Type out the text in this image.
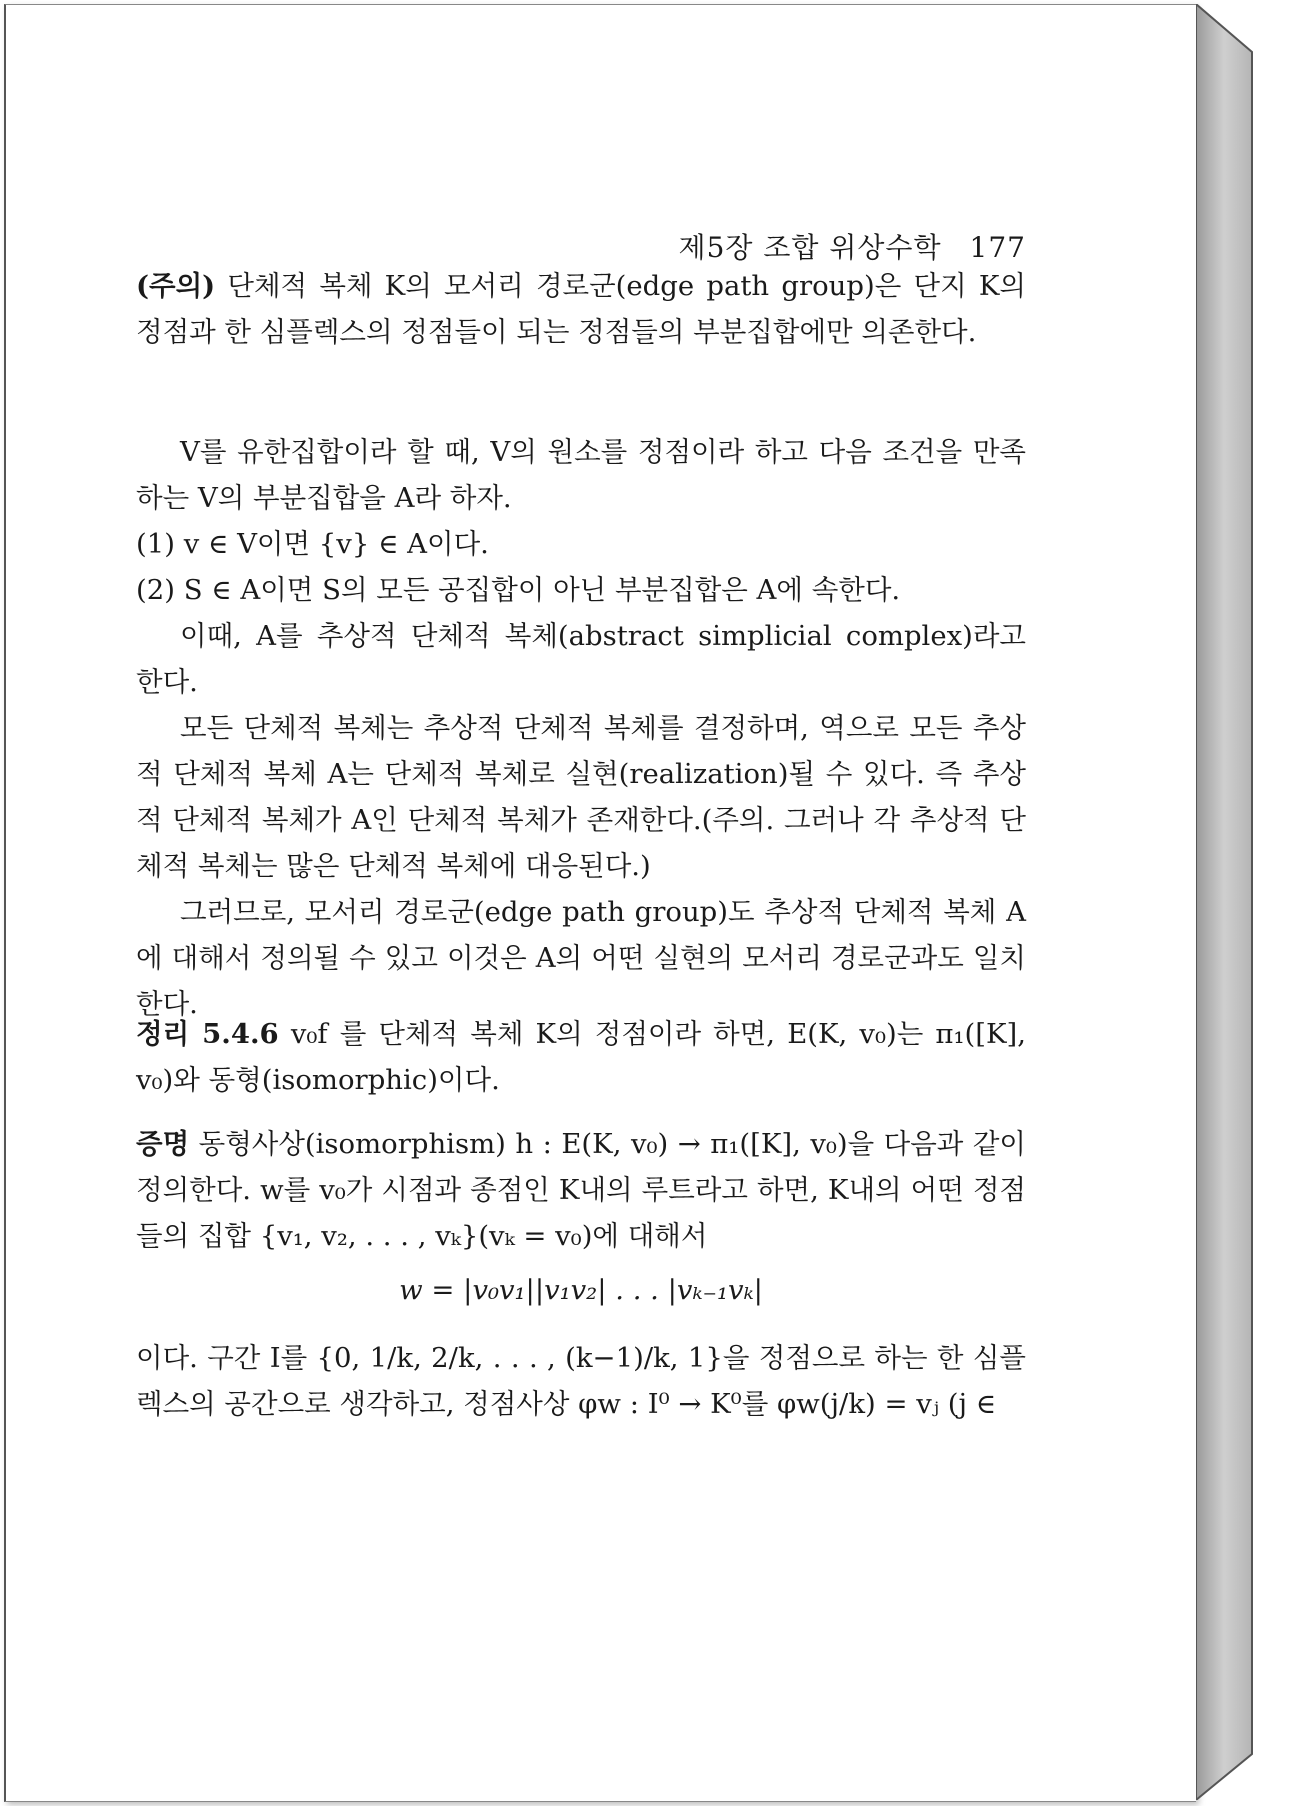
제5장 조합 위상수학 177

(주의) 단체적 복체 K의 모서리 경로군(edge path group)은 단지 K의 정점과 한 심플렉스의 정점들이 되는 정점들의 부분집합에만 의존한다.

V를 유한집합이라 할 때, V의 원소를 정점이라 하고 다음 조건을 만족하는 V의 부분집합을 A라 하자.

(1) v ∈ V이면 {v} ∈ A이다.

(2) S ∈ A이면 S의 모든 공집합이 아닌 부분집합은 A에 속한다.

이때, A를 추상적 단체적 복체(abstract simplicial complex)라고 한다.

모든 단체적 복체는 추상적 단체적 복체를 결정하며, 역으로 모든 추상적 단체적 복체 A는 단체적 복체로 실현(realization)될 수 있다. 즉 추상적 단체적 복체가 A인 단체적 복체가 존재한다.(주의. 그러나 각 추상적 단체적 복체는 많은 단체적 복체에 대응된다.)

그러므로, 모서리 경로군(edge path group)도 추상적 단체적 복체 A에 대해서 정의될 수 있고 이것은 A의 어떤 실현의 모서리 경로군과도 일치한다.

정리 5.4.6 v₀f 를 단체적 복체 K의 정점이라 하면, E(K, v₀)는 π₁([K], v₀)와 동형(isomorphic)이다.

증명 동형사상(isomorphism) h : E(K, v₀) → π₁([K], v₀)을 다음과 같이 정의한다. w를 v₀가 시점과 종점인 K내의 루트라고 하면, K내의 어떤 정점들의 집합 {v₁, v₂, . . . , vₖ}(vₖ = v₀)에 대해서

w = |v₀v₁||v₁v₂| . . . |vₖ₋₁vₖ|

이다. 구간 I를 {0, 1/k, 2/k, . . . , (k−1)/k, 1}을 정점으로 하는 한 심플렉스의 공간으로 생각하고, 정점사상 φw : I⁰ → K⁰를 φw(j/k) = vⱼ (j ∈
